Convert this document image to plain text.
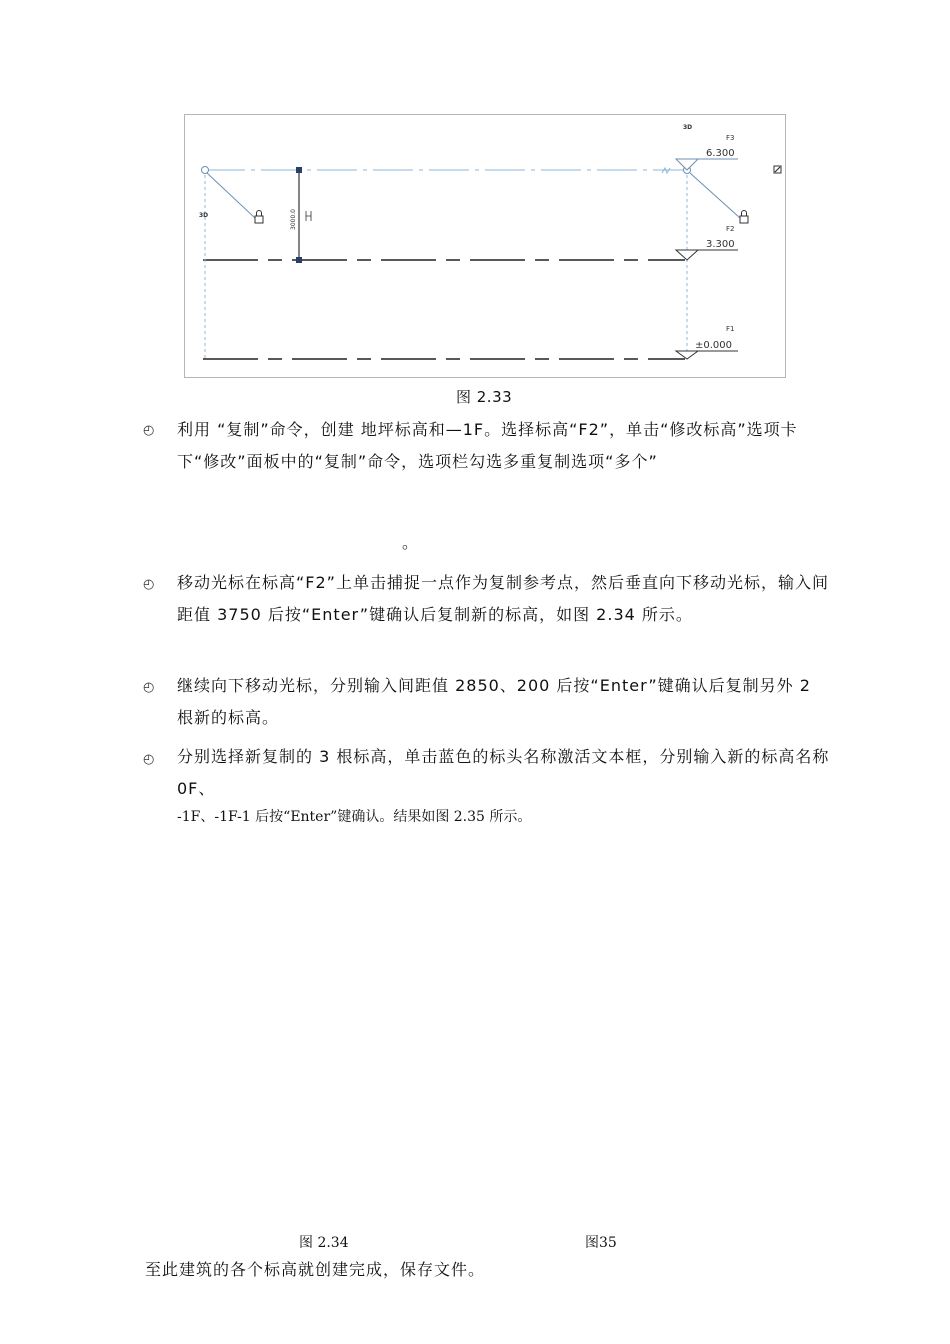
3D	3000.0
3D
F3
6.300
F2
3.300
F1
±0.000
图 2.33
◴ 利用 “复制”命令，创建 地坪标高和—1F。选择标高“F2”，单击“修改标高”选项卡下“修改”面板中的“复制”命令，选项栏勾选多重复制选项“多个”
。
◴ 移动光标在标高“F2”上单击捕捉一点作为复制参考点，然后垂直向下移动光标，输入间距值 3750 后按“Enter”键确认后复制新的标高，如图 2.34 所示。
◴ 继续向下移动光标，分别输入间距值 2850、200 后按“Enter”键确认后复制另外 2 根新的标高。
◴ 分别选择新复制的 3 根标高，单击蓝色的标头名称激活文本框，分别输入新的标高名称 0F、
-1F、-1F-1 后按“Enter”键确认。结果如图 2.35 所示。
图 2.34	图35
至此建筑的各个标高就创建完成，保存文件。
